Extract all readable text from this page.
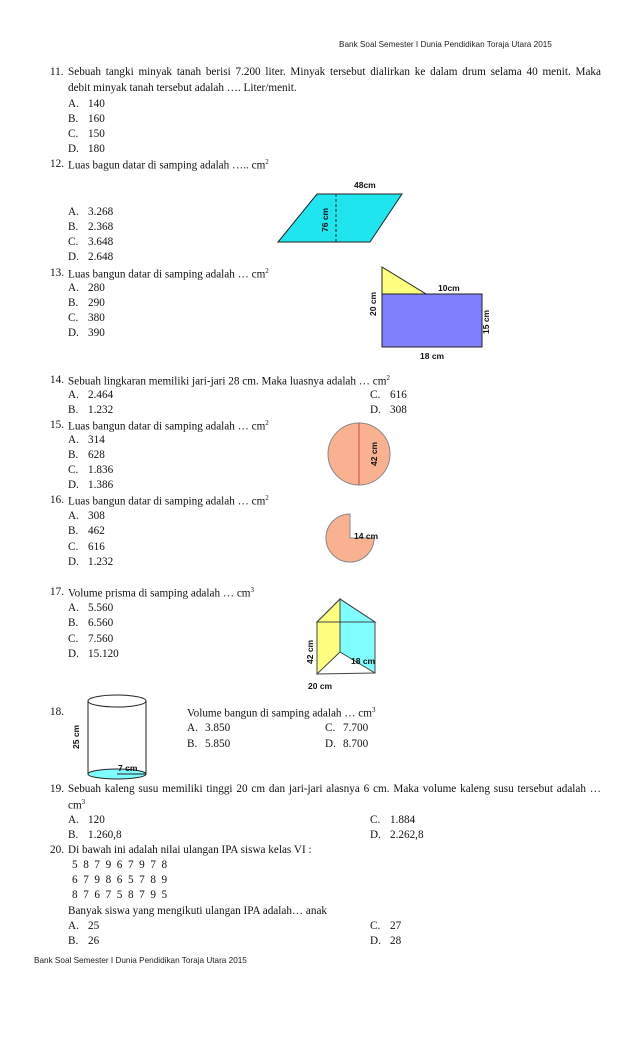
Bank Soal Semester I Dunia Pendidikan Toraja Utara 2015
11. Sebuah tangki minyak tanah berisi 7.200 liter. Minyak tersebut dialirkan ke dalam drum selama 40 menit. Maka
debit minyak tanah tersebut adalah …. Liter/menit.
A. 140
B. 160
C. 150
D. 180
12. Luas bagun datar di samping adalah ….. $cm^2$
A. 3.268
B. 2.368
C. 3.648
D. 2.648
48cm
76 cm
13. Luas bangun datar di samping adalah … $cm^2$
A. 280
B. 290
C. 380
D. 390
20 cm
10cm
15 cm
18 cm
14. Sebuah lingkaran memiliki jari-jari 28 cm. Maka luasnya adalah … $cm^2$
A. 2.464
B. 1.232
C. 616
D. 308
15. Luas bangun datar di samping adalah … $cm^2$
A. 314
B. 628
C. 1.836
D. 1.386
42 cm
16. Luas bangun datar di samping adalah … $cm^2$
A. 308
B. 462
C. 616
D. 1.232
14 cm
17. Volume prisma di samping adalah … $cm^3$
A. 5.560
B. 6.560
C. 7.560
D. 15.120	42 cm	18 cm
20 cm
18.	Volume bangun di samping adalah … $cm^3$
A. 3.850
B. 5.850
C. 7.700
D. 8.700
25 cm
7 cm
19. Sebuah kaleng susu memiliki tinggi 20 cm dan jari-jari alasnya 6 cm. Maka volume kaleng susu tersebut adalah …
$cm^3$
A. 120
B. 1.260,8
C. 1.884
D. 2.262,8
20. Di bawah ini adalah nilai ulangan IPA siswa kelas VI :
5  8  7  9  6  7  9  7  8
6  7  9  8  6  5  7  8  9
8  7  6  7  5  8  7  9  5
Banyak siswa yang mengikuti ulangan IPA adalah… anak
A. 25
B. 26
C. 27
D. 28
Bank Soal Semester I Dunia Pendidikan Toraja Utara 2015
